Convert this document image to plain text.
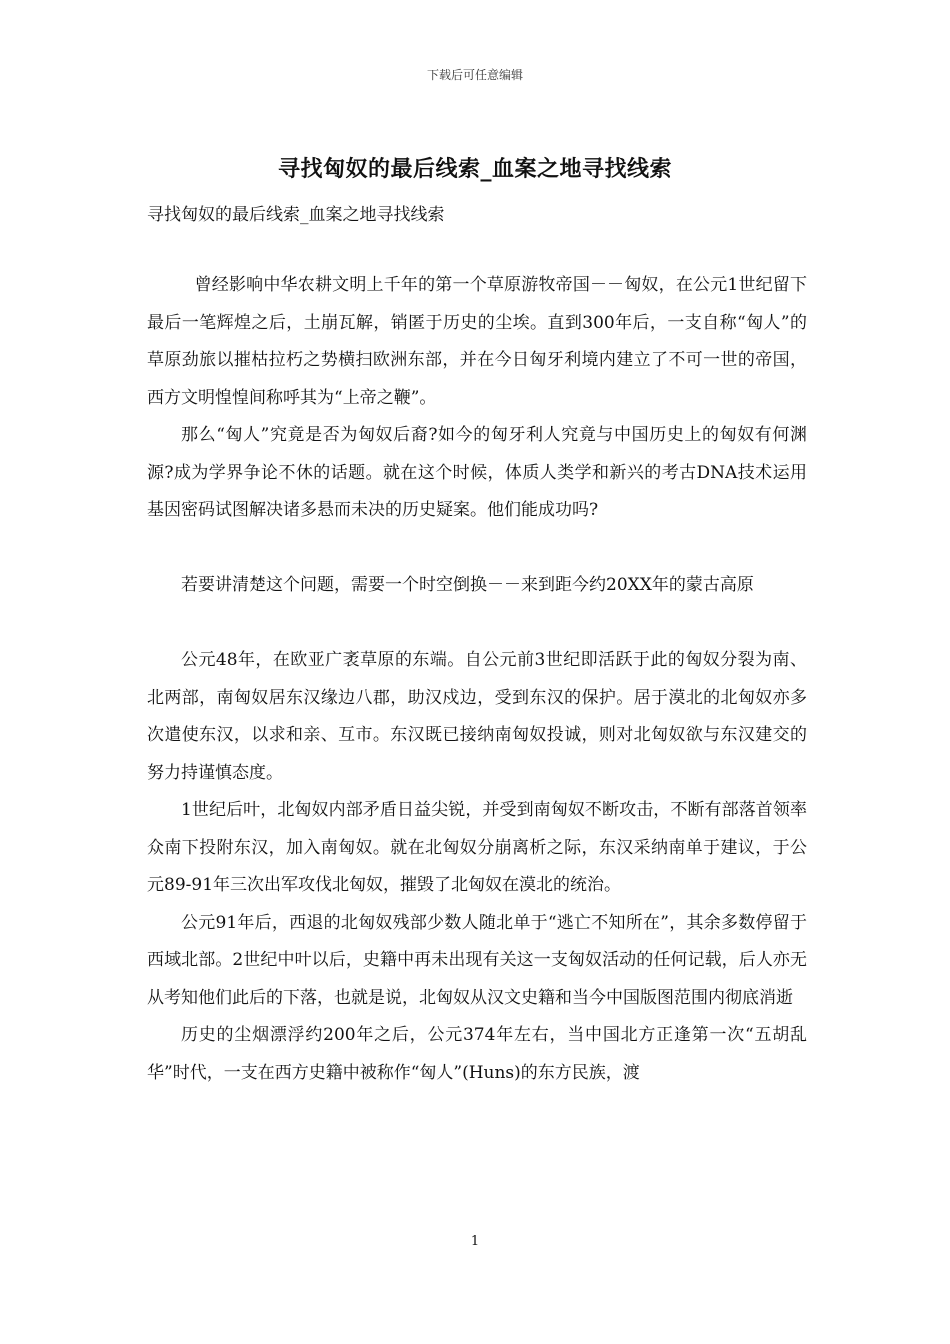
下载后可任意编辑
寻找匈奴的最后线索_血案之地寻找线索
寻找匈奴的最后线索_血案之地寻找线索

曾经影响中华农耕文明上千年的第一个草原游牧帝国－－匈奴，在公元1世纪留下最后一笔辉煌之后，土崩瓦解，销匿于历史的尘埃。直到300年后，一支自称“匈人”的草原劲旅以摧枯拉朽之势横扫欧洲东部，并在今日匈牙利境内建立了不可一世的帝国，西方文明惶惶间称呼其为“上帝之鞭”。

那么“匈人”究竟是否为匈奴后裔?如今的匈牙利人究竟与中国历史上的匈奴有何渊源?成为学界争论不休的话题。就在这个时候，体质人类学和新兴的考古DNA技术运用基因密码试图解决诸多悬而未决的历史疑案。他们能成功吗?

若要讲清楚这个问题，需要一个时空倒换－－来到距今约20XX年的蒙古高原

公元48年，在欧亚广袤草原的东端。自公元前3世纪即活跃于此的匈奴分裂为南、北两部，南匈奴居东汉缘边八郡，助汉戍边，受到东汉的保护。居于漠北的北匈奴亦多次遣使东汉，以求和亲、互市。东汉既已接纳南匈奴投诚，则对北匈奴欲与东汉建交的努力持谨慎态度。

1世纪后叶，北匈奴内部矛盾日益尖锐，并受到南匈奴不断攻击，不断有部落首领率众南下投附东汉，加入南匈奴。就在北匈奴分崩离析之际，东汉采纳南单于建议，于公元89-91年三次出军攻伐北匈奴，摧毁了北匈奴在漠北的统治。

公元91年后，西退的北匈奴残部少数人随北单于“逃亡不知所在”，其余多数停留于西域北部。2世纪中叶以后，史籍中再未出现有关这一支匈奴活动的任何记载，后人亦无从考知他们此后的下落，也就是说，北匈奴从汉文史籍和当今中国版图范围内彻底消逝

历史的尘烟漂浮约200年之后，公元374年左右，当中国北方正逢第一次“五胡乱华”时代，一支在西方史籍中被称作“匈人”(Huns)的东方民族，渡

1
